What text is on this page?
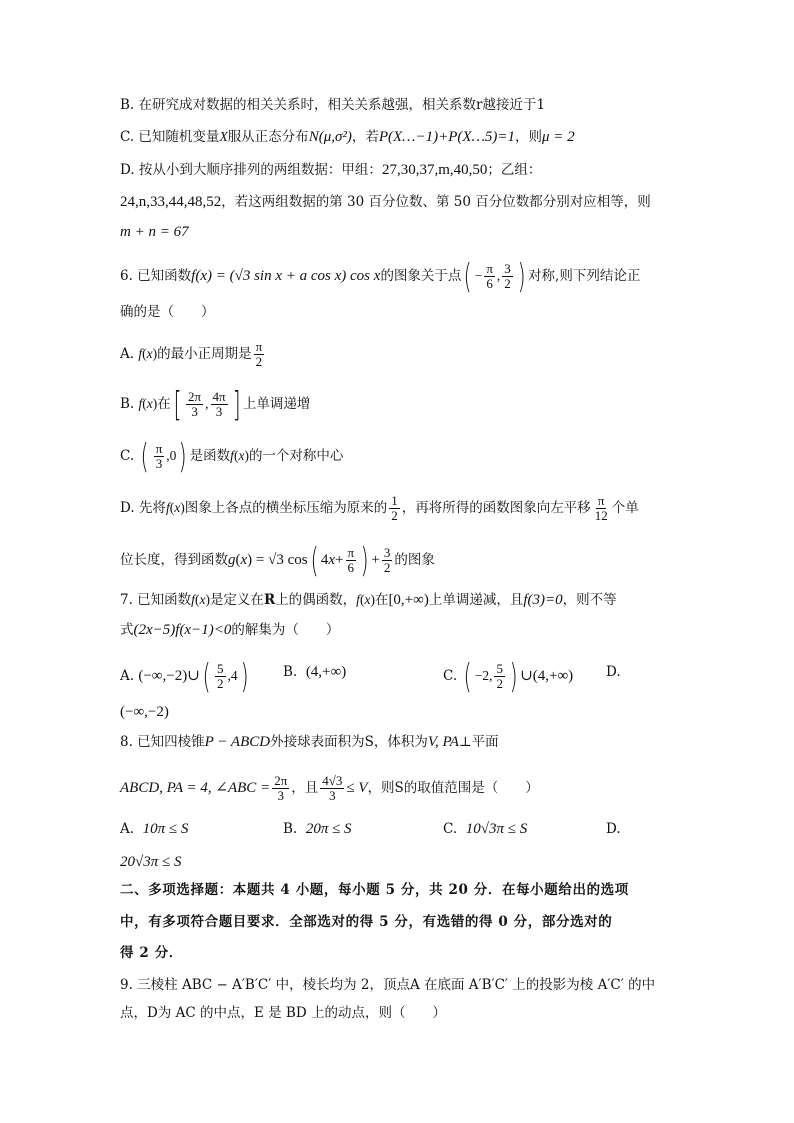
B. 在研究成对数据的相关关系时，相关关系越强，相关系数r越接近于1
C. 已知随机变量X服从正态分布N(μ,σ²)，若P(X…−1)+P(X…5)=1，则μ = 2
D. 按从小到大顺序排列的两组数据：甲组：27,30,37,m,40,50；乙组：
24,n,33,44,48,52，若这两组数据的第 30 百分位数、第 50 百分位数都分别对应相等，则
m + n = 67
6. 已知函数f(x) = (√3 sin x + a cos x) cos x的图象关于点( − $\frac{\pi}{6}$ , $\frac{3}{2}$ ) 对称,则下列结论正
确的是（　　）
A. f(x)的最小正周期是 $\frac{\pi}{2}$
B. f(x)在[ $\frac{2\pi}{3}$ , $\frac{4\pi}{3}$ ] 上单调递增
C. ( $\frac{\pi}{3} ,0$) 是函数f(x)的一个对称中心
D. 先将f(x)图象上各点的横坐标压缩为原来的 $\frac{1}{2}$ ，再将所得的函数图象向左平移 $\frac{\pi}{12}$ 个单
位长度，得到函数g(x) = √3 cos( $4x+ \frac{\pi}{6}$ ) + $\frac{3}{2}$ 的图象
7. 已知函数f(x)是定义在R上的偶函数，f(x)在[0,+∞)上单调递减，且f(3)=0，则不等
式(2x−5)f(x−1)<0的解集为（　　）
A. (−∞,−2)∪( $\frac{5}{2} ,4$)	B. (4,+∞)	C. ( −2, $\frac{5}{2}$ ) ∪(4,+∞) D.
(−∞,−2)
8. 已知四棱锥P − ABCD外接球表面积为S，体积为V, PA⊥平面
ABCD, PA = 4, ∠ABC = $\frac{2\pi}{3}$ ，且 $\frac{4√3}{3} \le V$，则S的取值范围是（　　）
A. 10π ≤ S	B. 20π ≤ S	C. 10√3π ≤ S	D.
20√3π ≤ S
二、多项选择题：本题共 4 小题，每小题 5 分，共 20 分．在每小题给出的选项
中，有多项符合题目要求．全部选对的得 5 分，有选错的得 0 分，部分选对的
得 2 分．
9. 三棱柱 ABC − A′B′C′ 中，棱长均为 2，顶点A 在底面 A′B′C′ 上的投影为棱 A′C′ 的中
点，D为 AC 的中点，E 是 BD 上的动点，则（　　）
